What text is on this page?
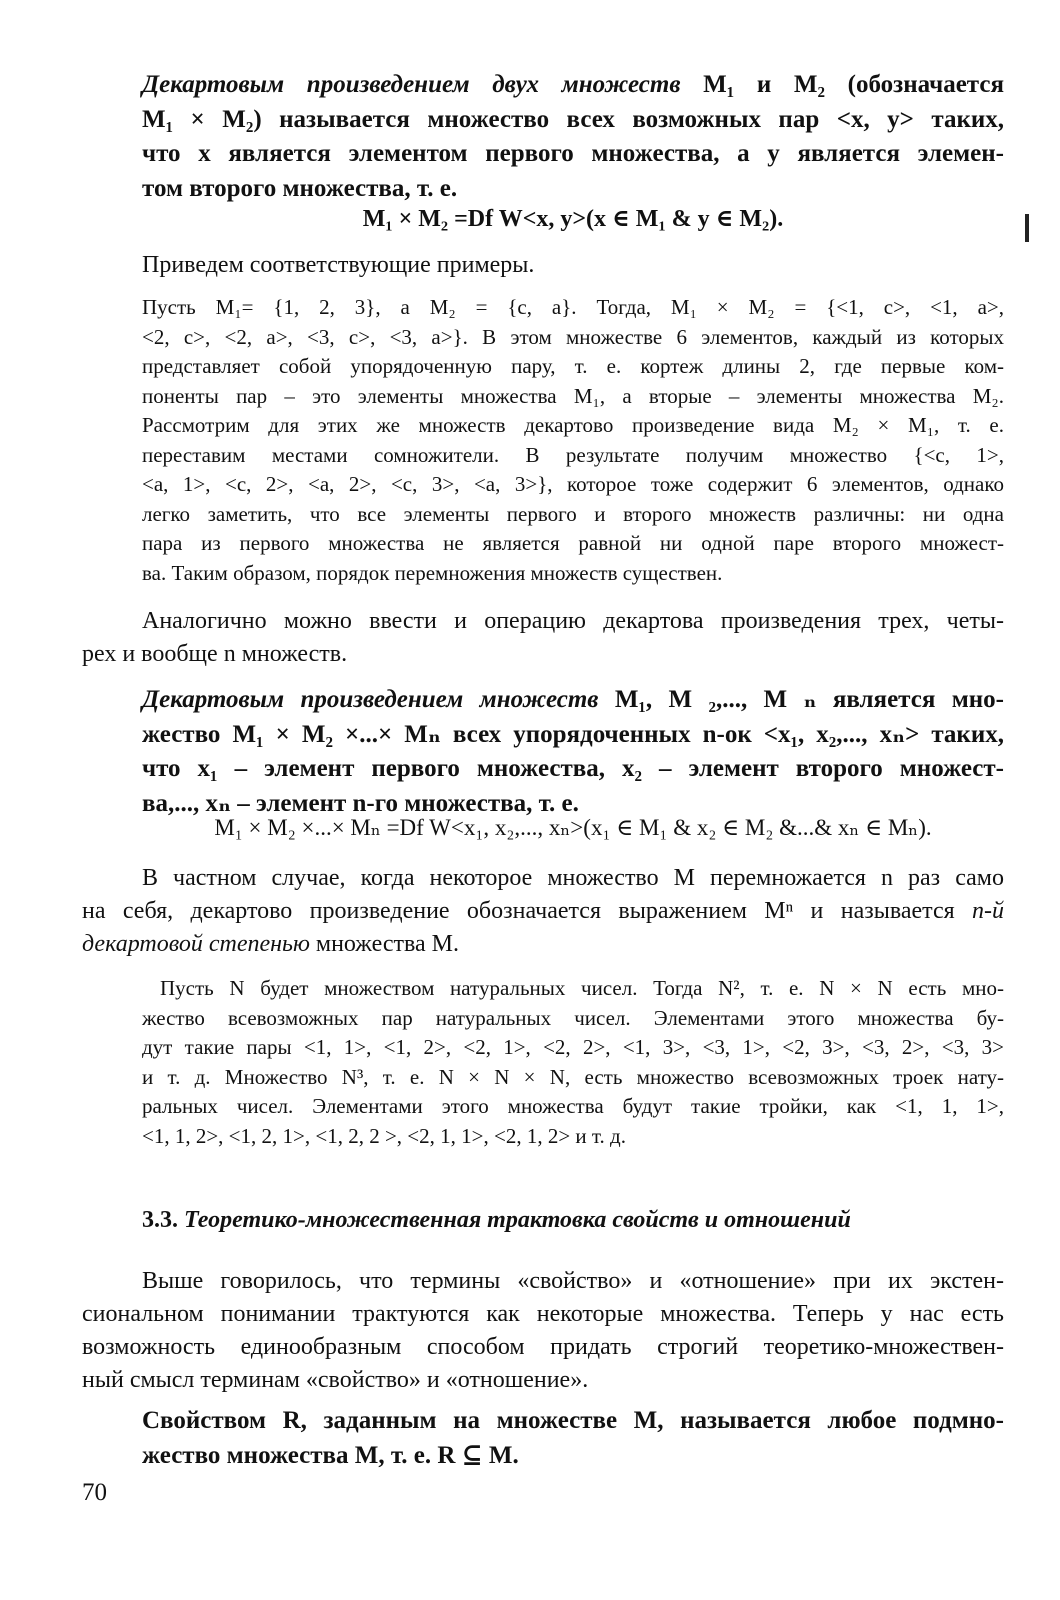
Декартовым произведением двух множеств M₁ и M₂ (обозначается
M₁ × M₂) называется множество всех возможных пар <x, y> таких,
что x является элементом первого множества, а y является элемен-
том второго множества, т. е.
M₁ × M₂ =Df W<x, y>(x ∈ M₁ & y ∈ M₂).
Приведем соответствующие примеры.
Пусть M₁= {1, 2, 3}, а M₂ = {c, a}. Тогда, M₁ × M₂ = {<1, c>, <1, a>,
<2, c>, <2, a>, <3, c>, <3, a>}. В этом множестве 6 элементов, каждый из которых
представляет собой упорядоченную пару, т. е. кортеж длины 2, где первые ком-
поненты пар – это элементы множества M₁, а вторые – элементы множества M₂.
Рассмотрим для этих же множеств декартово произведение вида M₂ × M₁, т. е.
переставим местами сомножители. В результате получим множество {<c, 1>,
<a, 1>, <c, 2>, <a, 2>, <c, 3>, <a, 3>}, которое тоже содержит 6 элементов, однако
легко заметить, что все элементы первого и второго множеств различны: ни одна
пара из первого множества не является равной ни одной паре второго множест-
ва. Таким образом, порядок перемножения множеств существен.
Аналогично можно ввести и операцию декартова произведения трех, четы-
рех и вообще n множеств.
Декартовым произведением множеств M₁, M ₂,..., M ₙ является мно-
жество M₁ × M₂ ×...× Mₙ всех упорядоченных n-ок <x₁, x₂,..., xₙ> таких,
что x₁ – элемент первого множества, x₂ – элемент второго множест-
ва,..., xₙ – элемент n-го множества, т. е.
M₁ × M₂ ×...× Mₙ =Df W<x₁, x₂,..., xₙ>(x₁ ∈ M₁ & x₂ ∈ M₂ &...& xₙ ∈ Mₙ).
В частном случае, когда некоторое множество M перемножается n раз само
на себя, декартово произведение обозначается выражением Mⁿ и называется n-й
декартовой степенью множества M.
Пусть N будет множеством натуральных чисел. Тогда N², т. е. N × N есть мно-
жество всевозможных пар натуральных чисел. Элементами этого множества бу-
дут такие пары <1, 1>, <1, 2>, <2, 1>, <2, 2>, <1, 3>, <3, 1>, <2, 3>, <3, 2>, <3, 3>
и т. д. Множество N³, т. е. N × N × N, есть множество всевозможных троек нату-
ральных чисел. Элементами этого множества будут такие тройки, как <1, 1, 1>,
<1, 1, 2>, <1, 2, 1>, <1, 2, 2 >, <2, 1, 1>, <2, 1, 2> и т. д.
3.3. Теоретико-множественная трактовка свойств и отношений
Выше говорилось, что термины «свойство» и «отношение» при их экстен-
сиональном понимании трактуются как некоторые множества. Теперь у нас есть
возможность единообразным способом придать строгий теоретико-множествен-
ный смысл терминам «свойство» и «отношение».
Свойством R, заданным на множестве M, называется любое подмно-
жество множества M, т. е. R ⊆ M.
70
